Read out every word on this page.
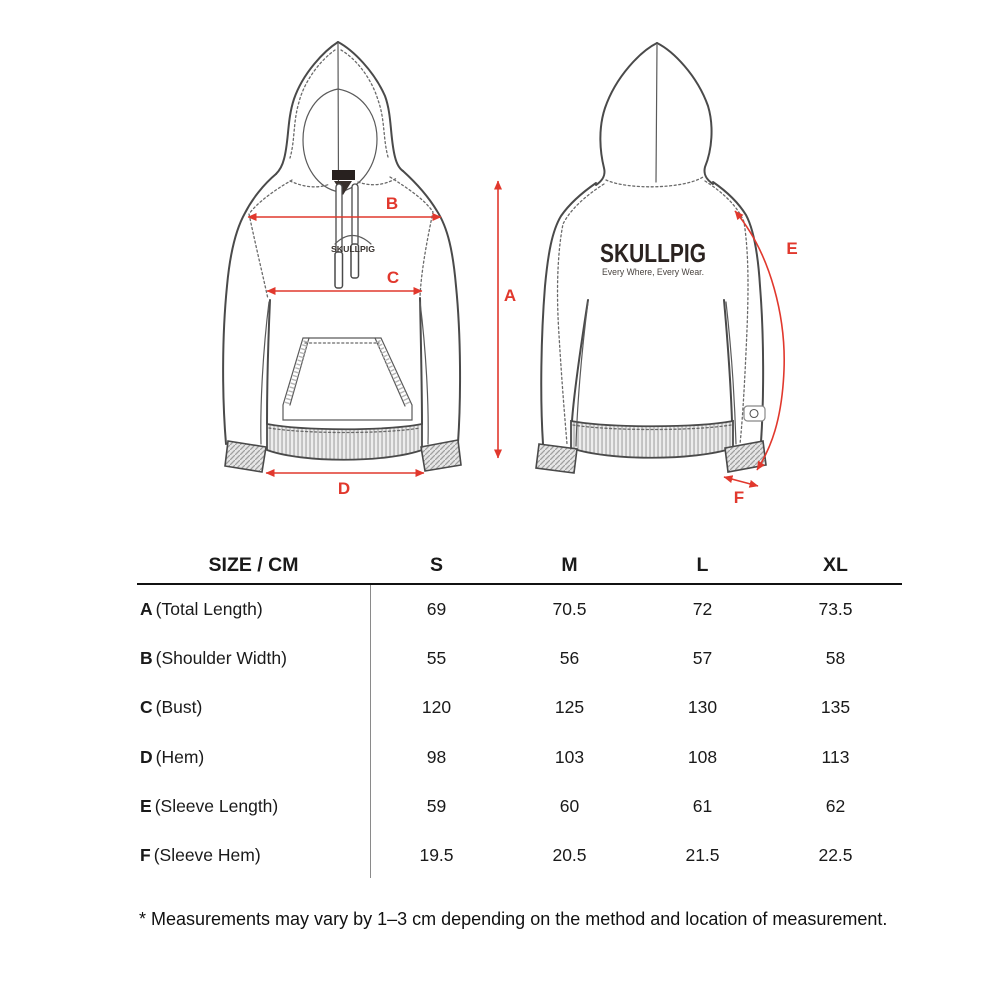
SKULLPIG	SKULLPIG
Every Where, Every Wear.
B
C
A
D
E
F
SIZE / CM	S	M	L	XL
A (Total Length)	69	70.5	72	73.5
B (Shoulder Width)	55	56	57	58
C (Bust)	120	125	130	135
D (Hem)	98	103	108	113
E (Sleeve Length)	59	60	61	62
F (Sleeve Hem)	19.5	20.5	21.5	22.5
* Measurements may vary by 1–3 cm depending on the method and location of measurement.
